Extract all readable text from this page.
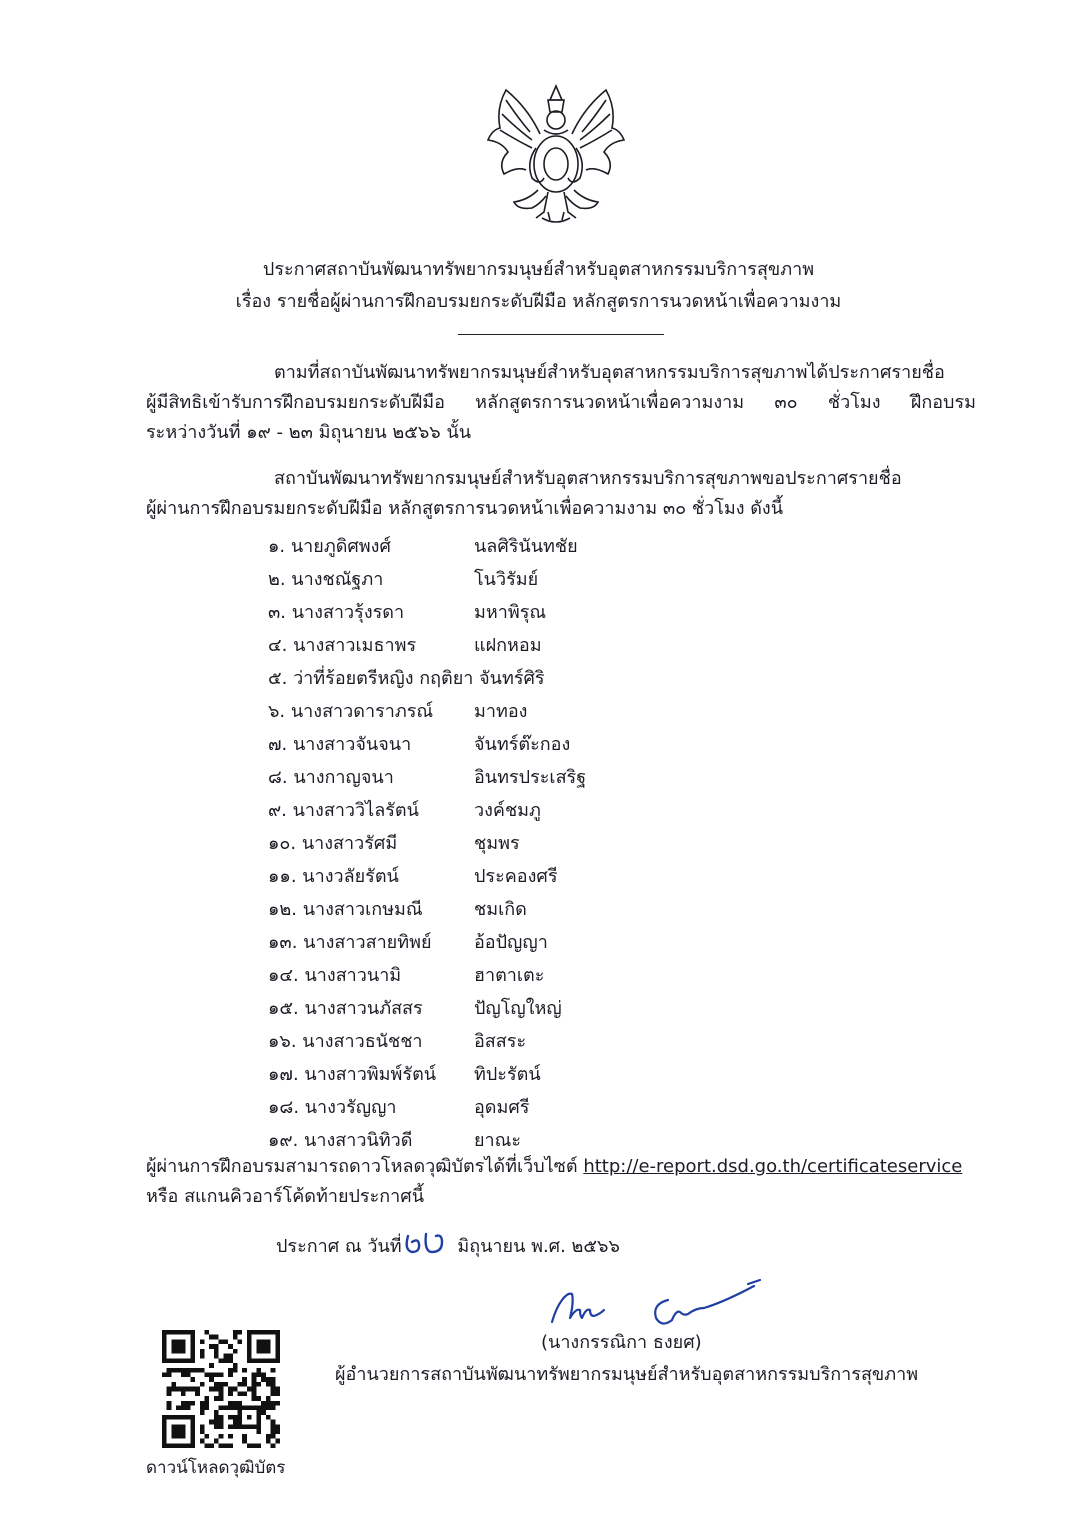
ประกาศสถาบันพัฒนาทรัพยากรมนุษย์สำหรับอุตสาหกรรมบริการสุขภาพ
เรื่อง รายชื่อผู้ผ่านการฝึกอบรมยกระดับฝีมือ หลักสูตรการนวดหน้าเพื่อความงาม
ตามที่สถาบันพัฒนาทรัพยากรมนุษย์สำหรับอุตสาหกรรมบริการสุขภาพได้ประกาศรายชื่อ
ผู้มีสิทธิเข้ารับการฝึกอบรมยกระดับฝีมือ หลักสูตรการนวดหน้าเพื่อความงาม ๓๐ ชั่วโมง ฝึกอบรม
ระหว่างวันที่ ๑๙ - ๒๓ มิถุนายน ๒๕๖๖ นั้น
สถาบันพัฒนาทรัพยากรมนุษย์สำหรับอุตสาหกรรมบริการสุขภาพขอประกาศรายชื่อ
ผู้ผ่านการฝึกอบรมยกระดับฝีมือ หลักสูตรการนวดหน้าเพื่อความงาม ๓๐ ชั่วโมง ดังนี้
๑. นายภูดิศพงศ์	นลศิรินันทชัย
๒. นางชณัฐภา	โนวิรัมย์
๓. นางสาวรุ้งรดา	มหาพิรุณ
๔. นางสาวเมธาพร	แฝกหอม
๕. ว่าที่ร้อยตรีหญิง กฤติยา จันทร์ศิริ
๖. นางสาวดาราภรณ์ มาทอง
๗. นางสาวจันจนา	จันทร์ต๊ะกอง
๘. นางกาญจนา	อินทรประเสริฐ
๙. นางสาววิไลรัตน์	วงค์ชมภู
๑๐. นางสาวรัศมี	ชุมพร
๑๑. นางวลัยรัตน์	ประคองศรี
๑๒. นางสาวเกษมณี	ชมเกิด
๑๓. นางสาวสายทิพย์ อ้อปัญญา
๑๔. นางสาวนามิ	ฮาตาเตะ
๑๕. นางสาวนภัสสร	ปัญโญใหญ่
๑๖. นางสาวธนัชชา	อิสสระ
๑๗. นางสาวพิมพ์รัตน์ ทิปะรัตน์
๑๘. นางวรัญญา	อุดมศรี
๑๙. นางสาวนิทิวดี	ยาณะ
ผู้ผ่านการฝึกอบรมสามารถดาวโหลดวุฒิบัตรได้ที่เว็บไซต์ http://e-report.dsd.go.th/certificateservice
หรือ สแกนคิวอาร์โค้ดท้ายประกาศนี้
ประกาศ ณ วันที่	มิถุนายน พ.ศ. ๒๕๖๖
(นางกรรณิกา ธงยศ)
ผู้อำนวยการสถาบันพัฒนาทรัพยากรมนุษย์สำหรับอุตสาหกรรมบริการสุขภาพ
ดาวน์โหลดวุฒิบัตร
